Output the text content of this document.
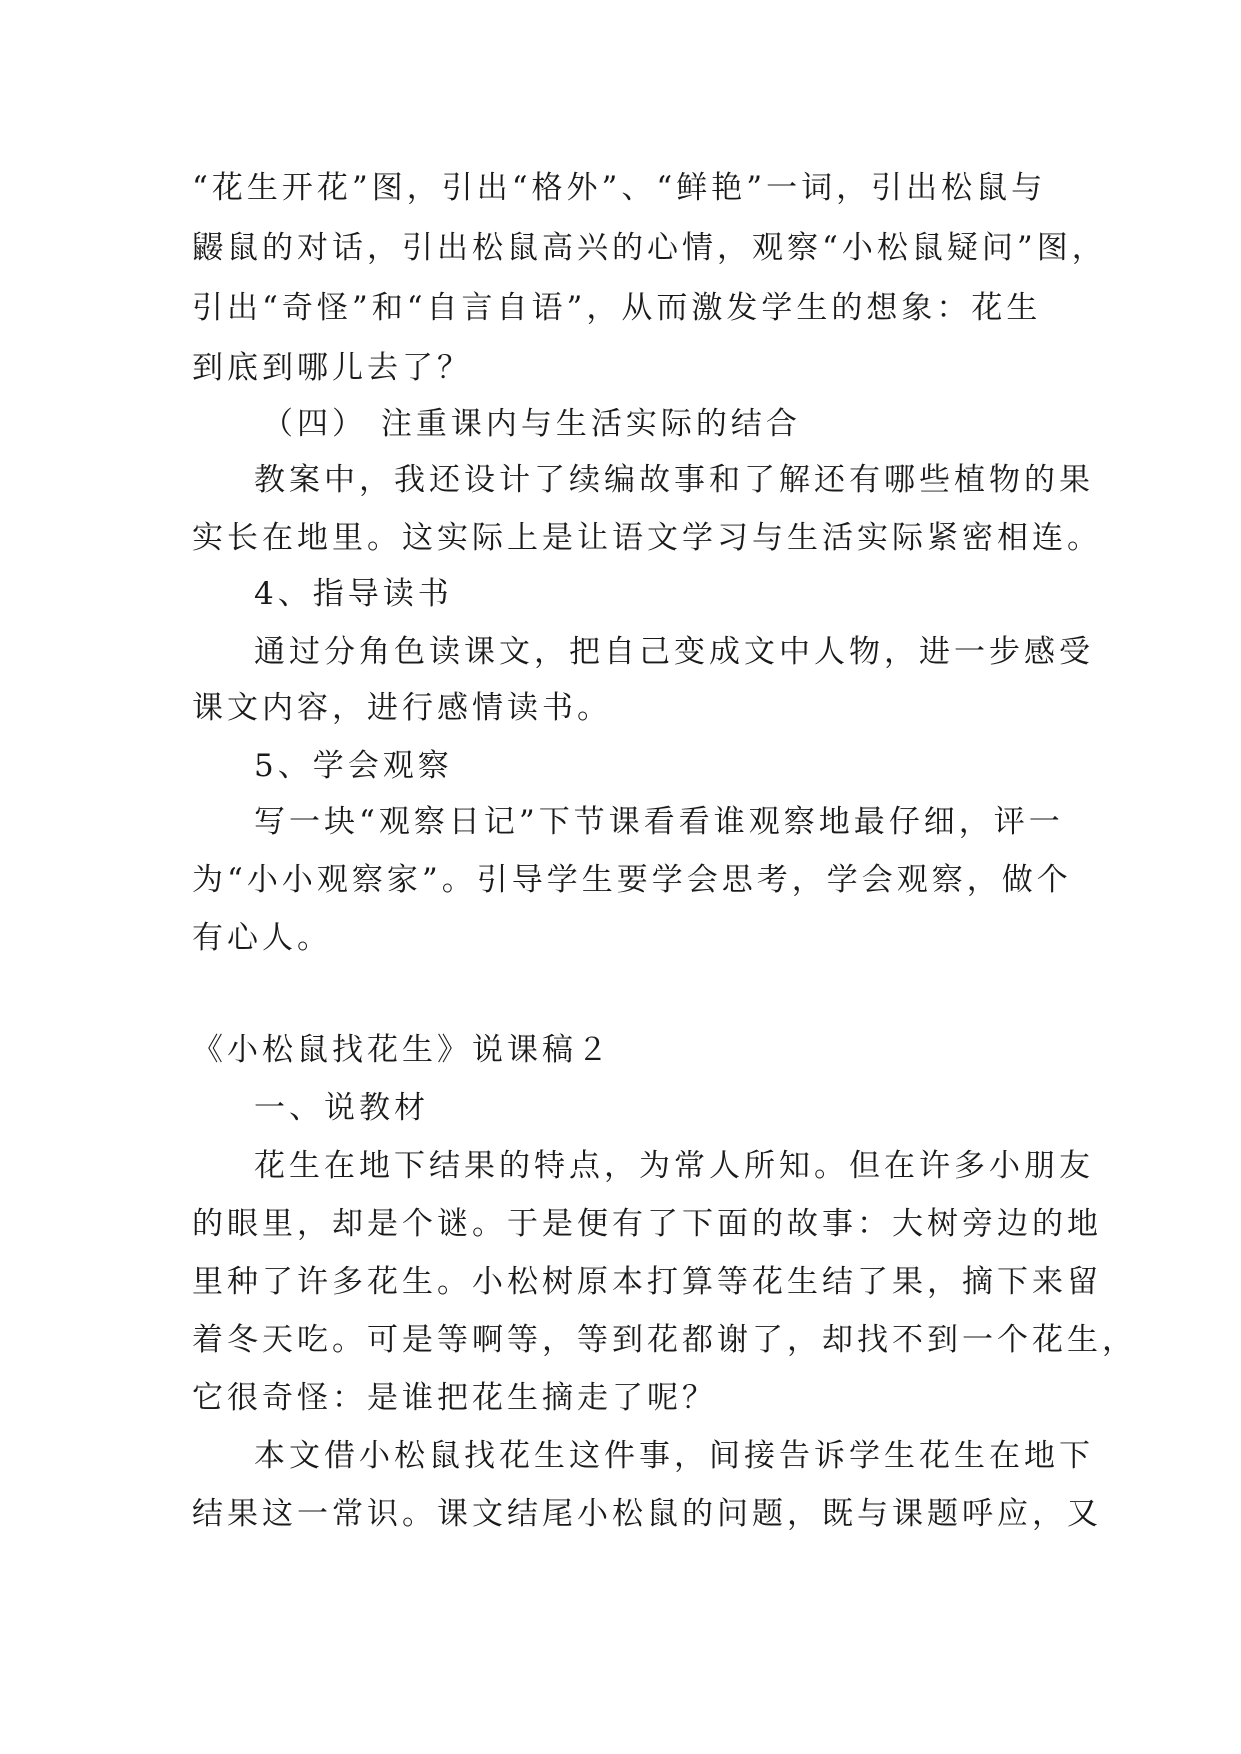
“花生开花”图，引出“格外”、“鲜艳”一词，引出松鼠与
鼹鼠的对话，引出松鼠高兴的心情，观察“小松鼠疑问”图，
引出“奇怪”和“自言自语”，从而激发学生的想象：花生
到底到哪儿去了？
（四） 注重课内与生活实际的结合
教案中，我还设计了续编故事和了解还有哪些植物的果
实长在地里。这实际上是让语文学习与生活实际紧密相连。
4、指导读书
通过分角色读课文，把自己变成文中人物，进一步感受
课文内容，进行感情读书。
5、学会观察
写一块“观察日记”下节课看看谁观察地最仔细，评一
为“小小观察家”。引导学生要学会思考，学会观察，做个
有心人。
《小松鼠找花生》说课稿２
一、说教材
花生在地下结果的特点，为常人所知。但在许多小朋友
的眼里，却是个谜。于是便有了下面的故事：大树旁边的地
里种了许多花生。小松树原本打算等花生结了果，摘下来留
着冬天吃。可是等啊等，等到花都谢了，却找不到一个花生，
它很奇怪：是谁把花生摘走了呢？
本文借小松鼠找花生这件事，间接告诉学生花生在地下
结果这一常识。课文结尾小松鼠的问题，既与课题呼应，又
